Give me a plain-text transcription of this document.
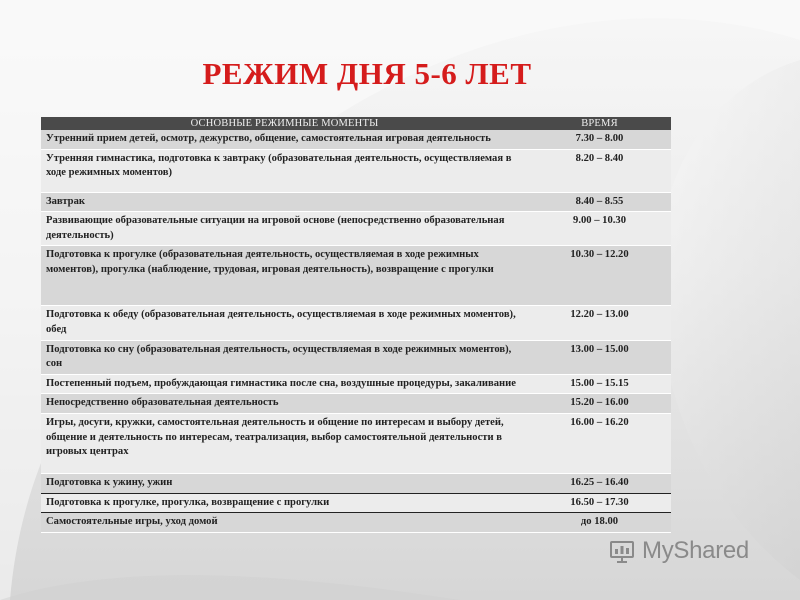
РЕЖИМ ДНЯ 5-6 ЛЕТ
ОСНОВНЫЕ РЕЖИМНЫЕ МОМЕНТЫ	ВРЕМЯ
Утренний прием детей, осмотр, дежурство, общение, самостоятельная игровая деятельность	7.30 – 8.00
Утренняя гимнастика, подготовка к завтраку (образовательная деятельность, осуществляемая в ходе режимных моментов)	8.20 – 8.40
Завтрак	8.40 – 8.55
Развивающие образовательные ситуации на игровой основе (непосредственно образовательная деятельность)	9.00 – 10.30
Подготовка к прогулке (образовательная деятельность, осуществляемая в ходе режимных моментов), прогулка (наблюдение, трудовая, игровая деятельность), возвращение с прогулки	10.30 – 12.20
Подготовка к обеду (образовательная деятельность, осуществляемая в ходе режимных моментов), обед	12.20 – 13.00
Подготовка ко сну (образовательная деятельность, осуществляемая в ходе режимных моментов), сон	13.00 – 15.00
Постепенный подъем, пробуждающая гимнастика после сна, воздушные процедуры, закаливание	15.00 – 15.15
Непосредственно образовательная деятельность	15.20 – 16.00
Игры, досуги, кружки, самостоятельная деятельность и общение по интересам и выбору детей, общение и деятельность по интересам, театрализация, выбор самостоятельной деятельности в игровых центрах	16.00 – 16.20
Подготовка к ужину, ужин	16.25 – 16.40
Подготовка к прогулке, прогулка, возвращение с прогулки	16.50 – 17.30
Самостоятельные игры, уход домой	до 18.00
MyShared
